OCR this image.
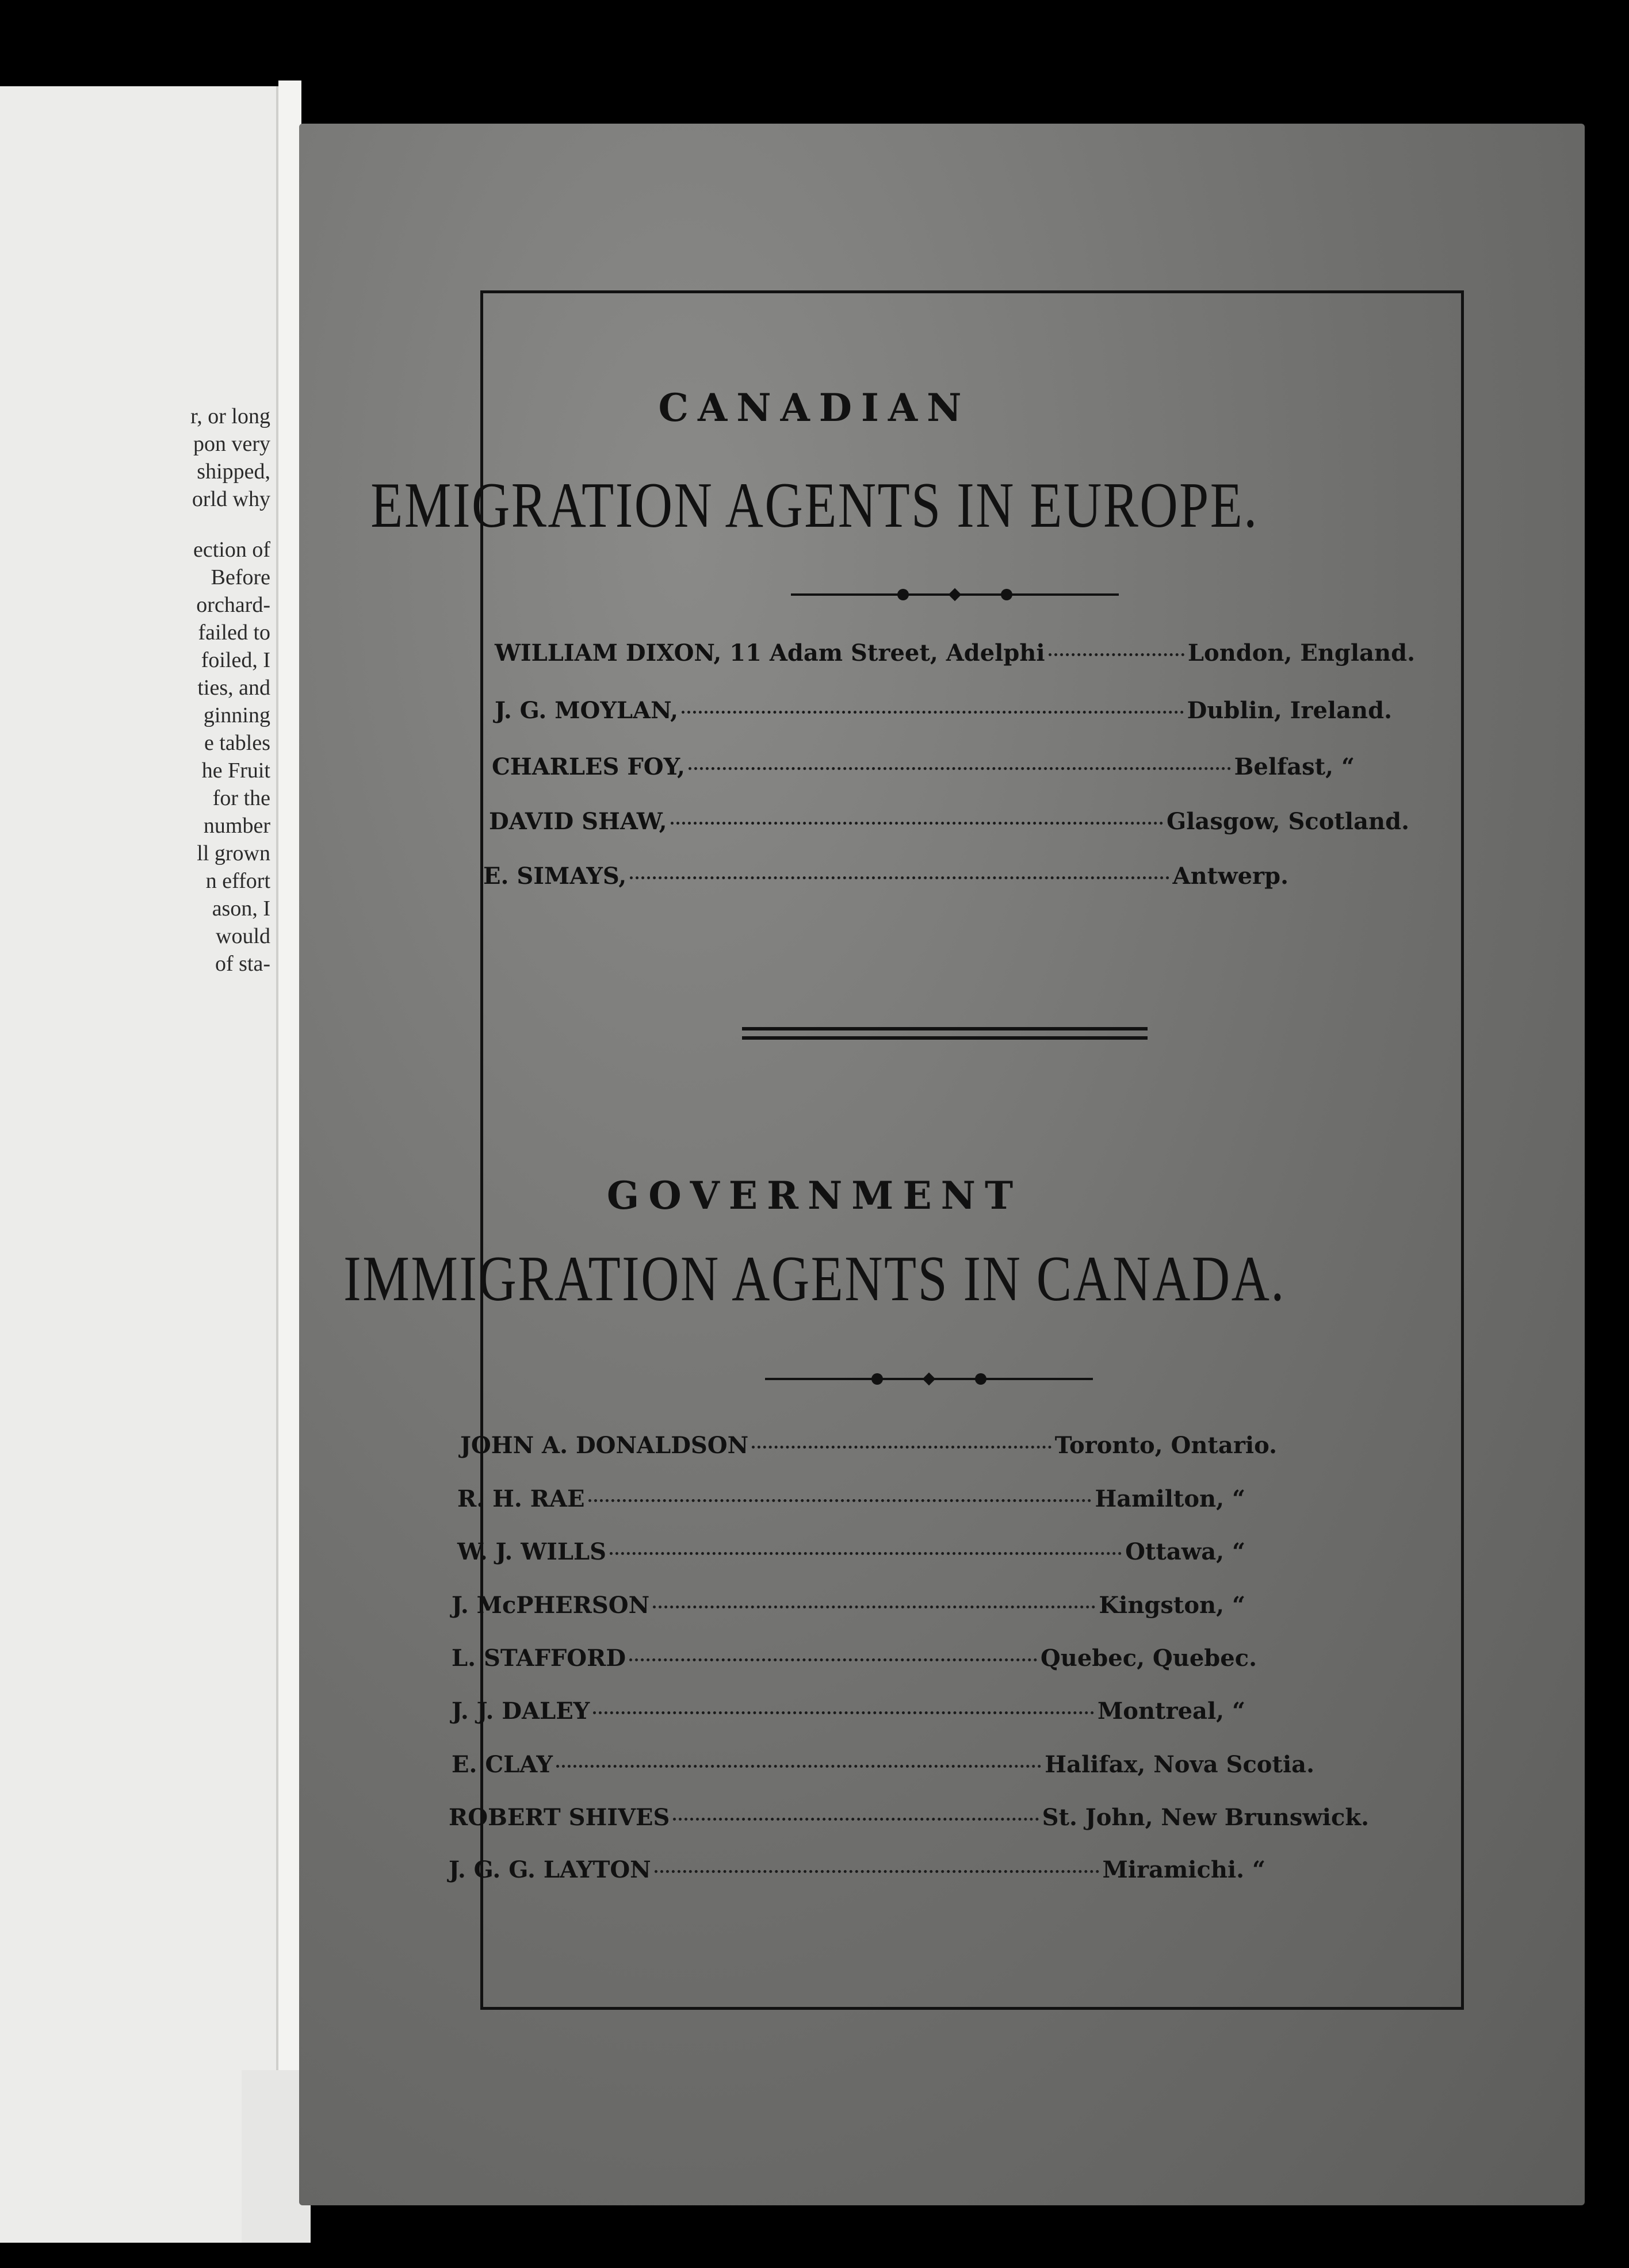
r, or long
pon very
shipped,
orld why
ection of
Before
orchard-
failed to
foiled, I
ties, and
ginning
e tables
he Fruit
for the
number
ll grown
n effort
ason, I
would
of sta-
CANADIAN
EMIGRATION AGENTS IN EUROPE.
WILLIAM DIXON, 11 Adam Street, Adelphi	London, England.
J. G. MOYLAN,	Dublin, Ireland.
CHARLES FOY,	Belfast, “
DAVID SHAW,	Glasgow, Scotland.
E. SIMAYS,	Antwerp.
GOVERNMENT
IMMIGRATION AGENTS IN CANADA.
JOHN A. DONALDSON	Toronto, Ontario.
R. H. RAE	Hamilton, “
W. J. WILLS	Ottawa, “
J. McPHERSON	Kingston, “
L. STAFFORD	Quebec, Quebec.
J. J. DALEY	Montreal, “
E. CLAY	Halifax, Nova Scotia.
ROBERT SHIVES	St. John, New Brunswick.
J. G. G. LAYTON	Miramichi. “
